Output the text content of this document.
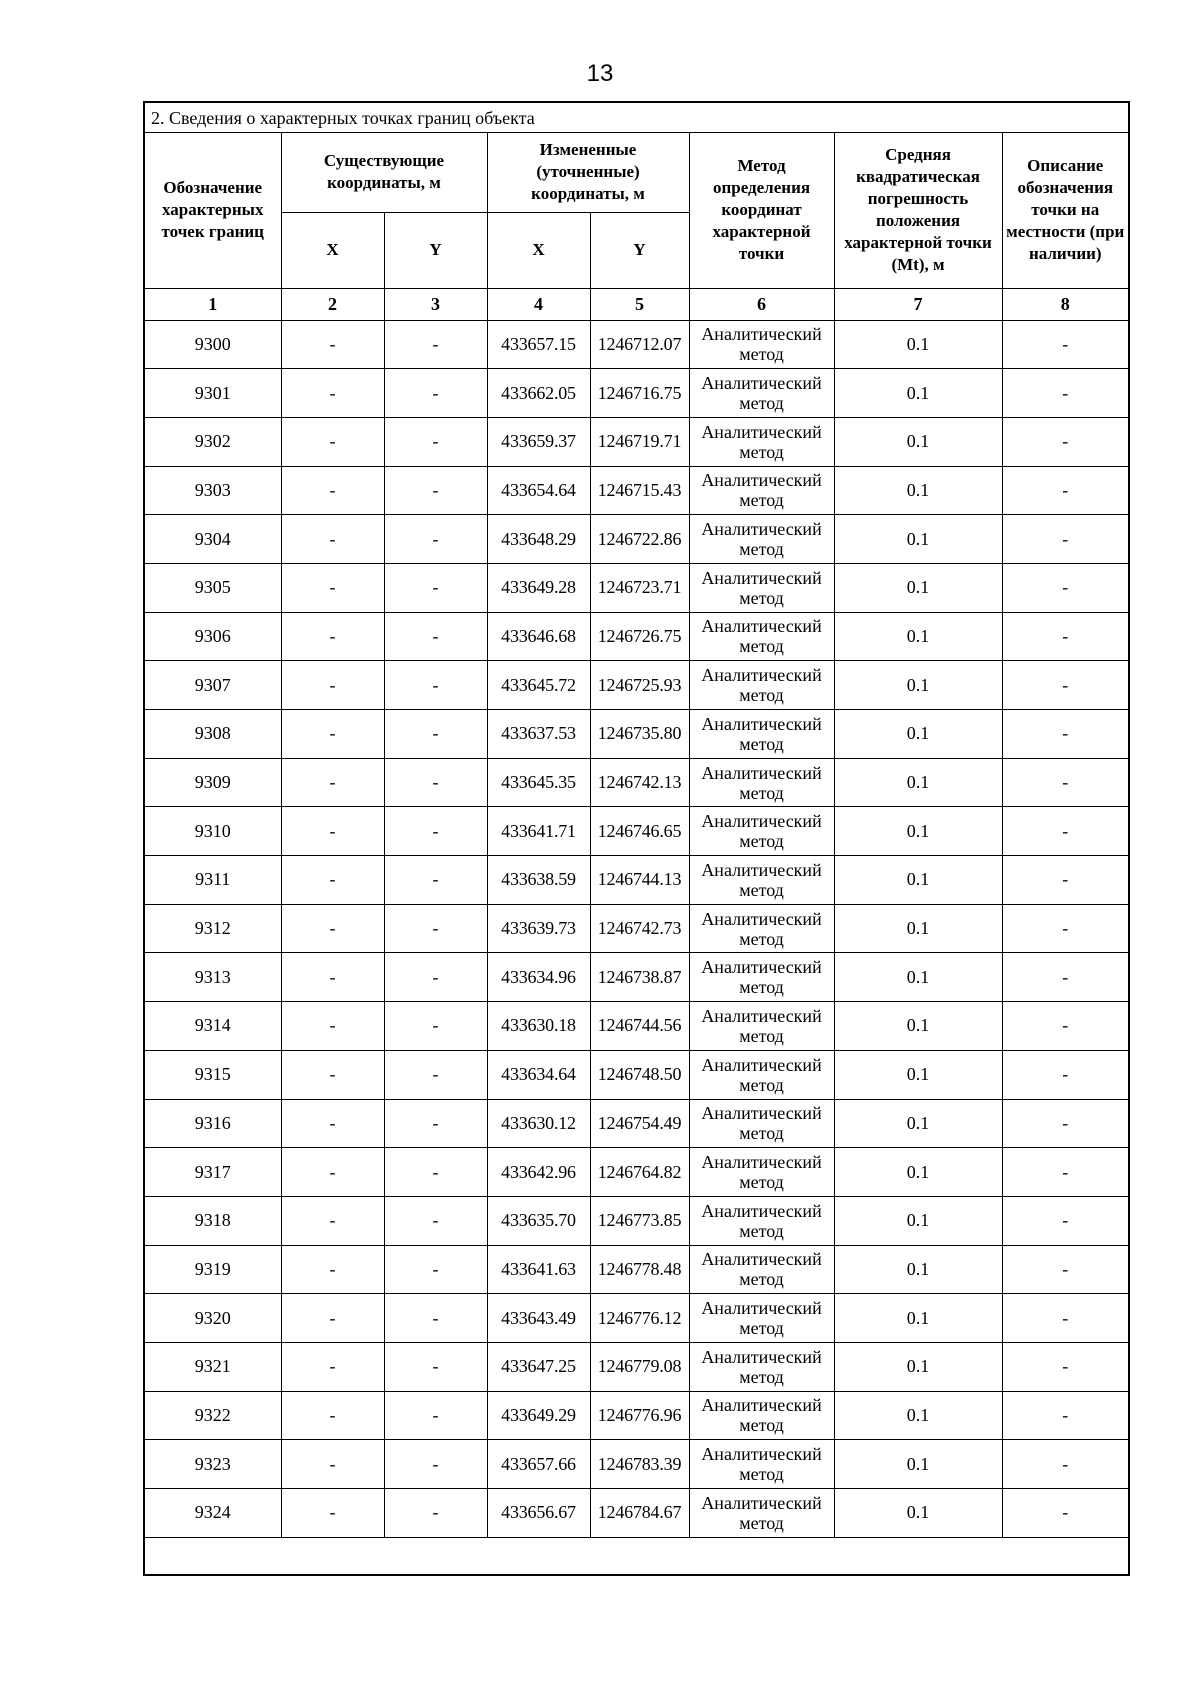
13
2. Сведения о характерных точках границ объекта
Обозначение характерных точек границ	Существующие координаты, м		Измененные (уточненные) координаты, м		Метод определения координат характерной точки	Средняя квадратическая погрешность положения характерной точки (Mt), м	Описание обозначения точки на местности (при наличии)
	X	Y	X	Y			
1	2	3	4	5	6	7	8
9300	-	-	433657.15	1246712.07	Аналитический метод	0.1	-
9301	-	-	433662.05	1246716.75	Аналитический метод	0.1	-
9302	-	-	433659.37	1246719.71	Аналитический метод	0.1	-
9303	-	-	433654.64	1246715.43	Аналитический метод	0.1	-
9304	-	-	433648.29	1246722.86	Аналитический метод	0.1	-
9305	-	-	433649.28	1246723.71	Аналитический метод	0.1	-
9306	-	-	433646.68	1246726.75	Аналитический метод	0.1	-
9307	-	-	433645.72	1246725.93	Аналитический метод	0.1	-
9308	-	-	433637.53	1246735.80	Аналитический метод	0.1	-
9309	-	-	433645.35	1246742.13	Аналитический метод	0.1	-
9310	-	-	433641.71	1246746.65	Аналитический метод	0.1	-
9311	-	-	433638.59	1246744.13	Аналитический метод	0.1	-
9312	-	-	433639.73	1246742.73	Аналитический метод	0.1	-
9313	-	-	433634.96	1246738.87	Аналитический метод	0.1	-
9314	-	-	433630.18	1246744.56	Аналитический метод	0.1	-
9315	-	-	433634.64	1246748.50	Аналитический метод	0.1	-
9316	-	-	433630.12	1246754.49	Аналитический метод	0.1	-
9317	-	-	433642.96	1246764.82	Аналитический метод	0.1	-
9318	-	-	433635.70	1246773.85	Аналитический метод	0.1	-
9319	-	-	433641.63	1246778.48	Аналитический метод	0.1	-
9320	-	-	433643.49	1246776.12	Аналитический метод	0.1	-
9321	-	-	433647.25	1246779.08	Аналитический метод	0.1	-
9322	-	-	433649.29	1246776.96	Аналитический метод	0.1	-
9323	-	-	433657.66	1246783.39	Аналитический метод	0.1	-
9324	-	-	433656.67	1246784.67	Аналитический метод	0.1	-
